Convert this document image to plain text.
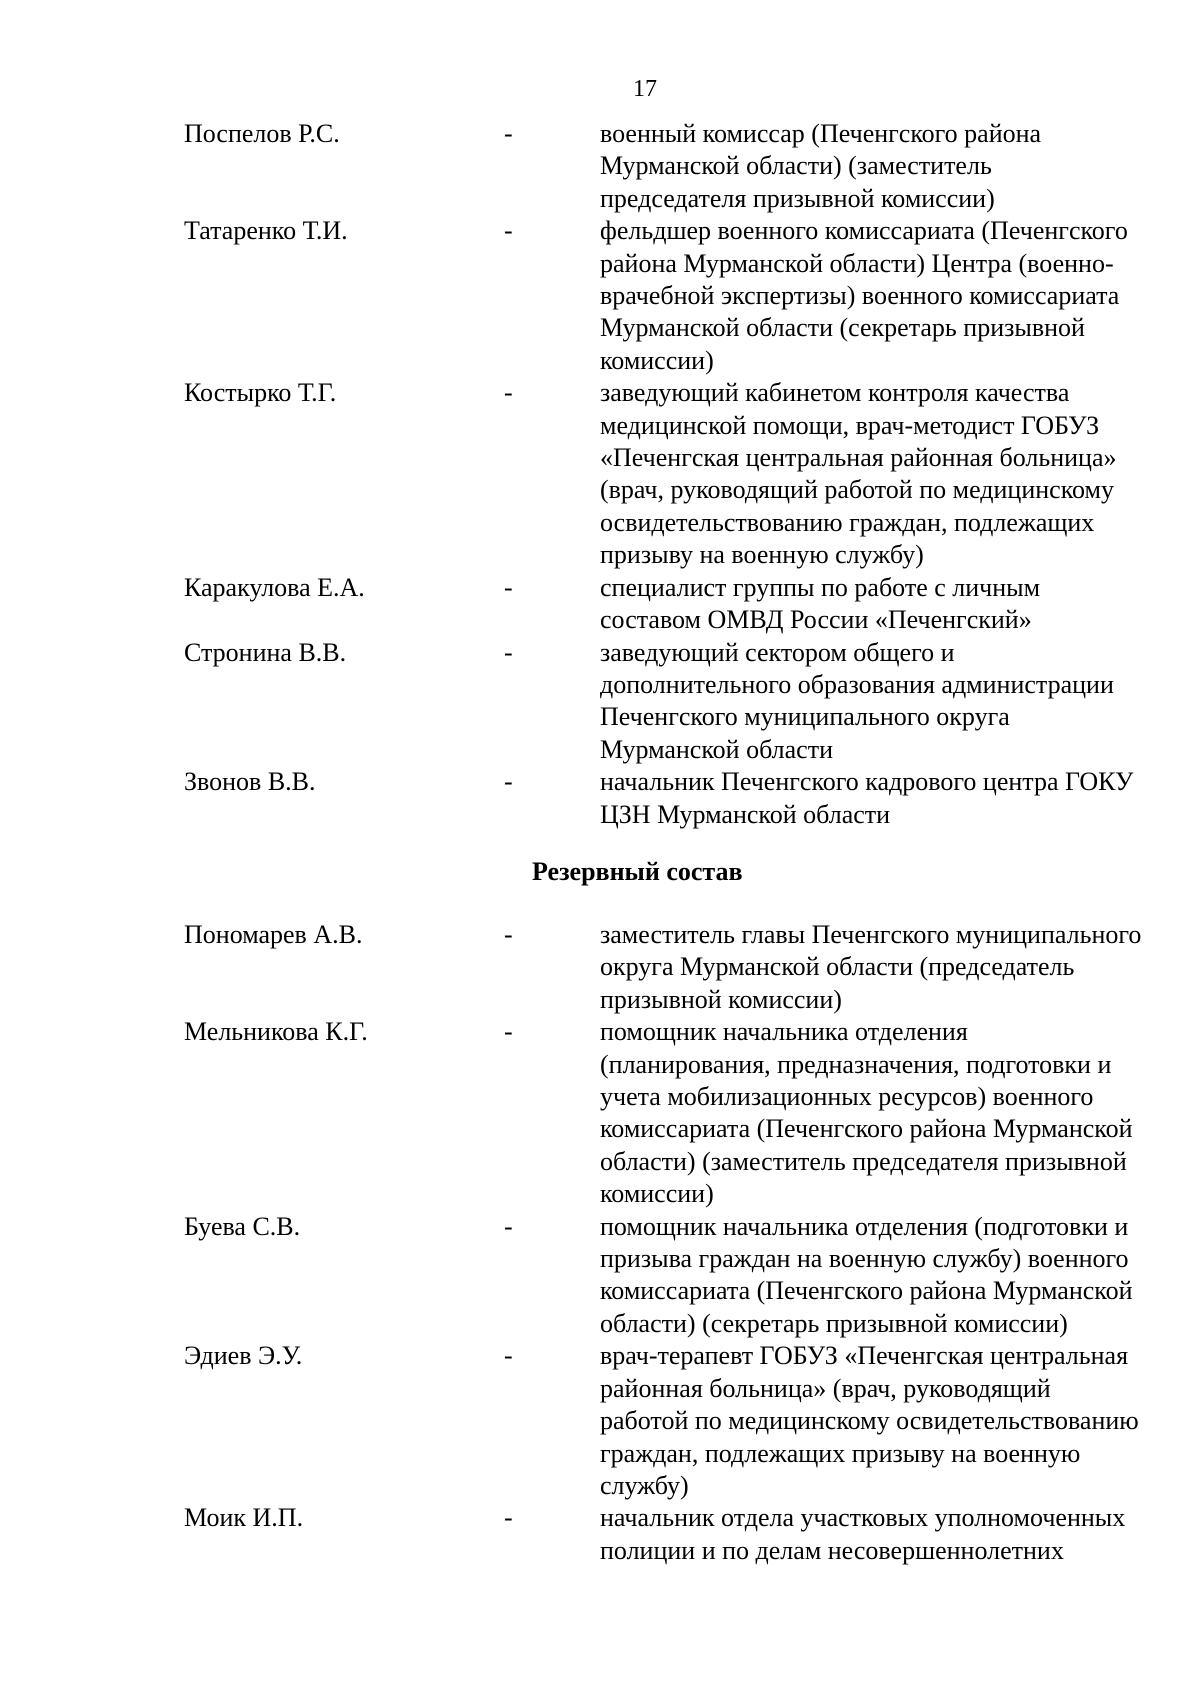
17
Поспелов Р.С.	-	военный комиссар (Печенгского района
Мурманской области) (заместитель
председателя призывной комиссии)
Татаренко Т.И.	-	фельдшер военного комиссариата (Печенгского
района Мурманской области) Центра (военно-
врачебной экспертизы) военного комиссариата
Мурманской области (секретарь призывной
комиссии)
Костырко Т.Г.	-	заведующий кабинетом контроля качества
медицинской помощи, врач-методист ГОБУЗ
«Печенгская центральная районная больница»
(врач, руководящий работой по медицинскому
освидетельствованию граждан, подлежащих
призыву на военную службу)
Каракулова Е.А.	-	специалист группы по работе с личным
составом ОМВД России «Печенгский»
Стронина В.В.	-	заведующий сектором общего и
дополнительного образования администрации
Печенгского муниципального округа
Мурманской области
Звонов В.В.	-	начальник Печенгского кадрового центра ГОКУ
ЦЗН Мурманской области
Резервный состав
Пономарев А.В.	-	заместитель главы Печенгского муниципального
округа Мурманской области (председатель
призывной комиссии)
Мельникова К.Г.	-	помощник начальника отделения
(планирования, предназначения, подготовки и
учета мобилизационных ресурсов) военного
комиссариата (Печенгского района Мурманской
области) (заместитель председателя призывной
комиссии)
Буева С.В.	-	помощник начальника отделения (подготовки и
призыва граждан на военную службу) военного
комиссариата (Печенгского района Мурманской
области) (секретарь призывной комиссии)
Эдиев Э.У.	-	врач-терапевт ГОБУЗ «Печенгская центральная
районная больница» (врач, руководящий
работой по медицинскому освидетельствованию
граждан, подлежащих призыву на военную
службу)
Моик И.П.	-	начальник отдела участковых уполномоченных
полиции и по делам несовершеннолетних
